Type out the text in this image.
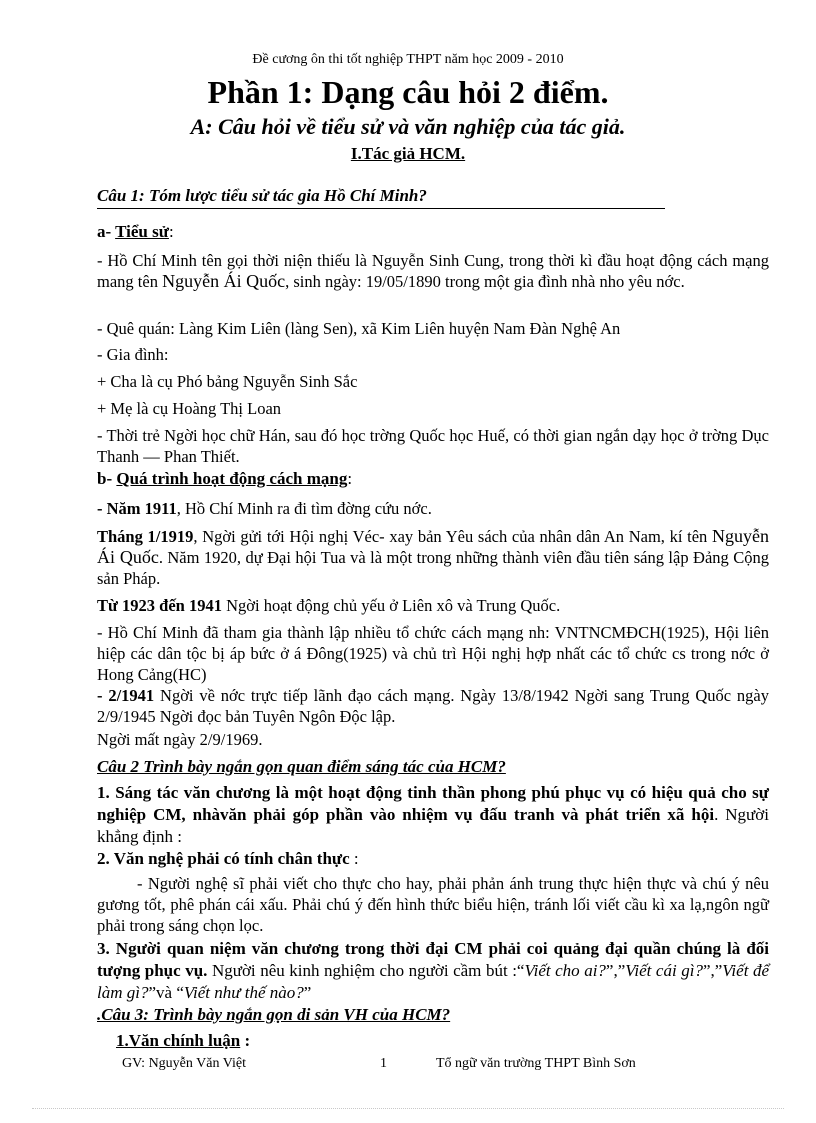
Đề cương ôn thi tốt nghiệp THPT năm học 2009 - 2010
Phần 1: Dạng câu hỏi 2 điểm.
A: Câu hỏi về tiểu sử và văn nghiệp của tác giả.
I.Tác giả HCM.
Câu 1: Tóm lược tiểu sử tác gia Hồ Chí Minh?
a- Tiểu sử:
- Hồ Chí Minh tên gọi thời niện thiếu là Nguyễn Sinh Cung, trong thời kì đầu hoạt động cách mạng mang tên Nguyễn Ái Quốc, sinh ngày: 19/05/1890 trong một gia đình nhà nho yêu nớc.
- Quê quán: Làng Kim Liên (làng Sen), xã Kim Liên huyện Nam Đàn Nghệ An
- Gia đình:
+ Cha là cụ Phó bảng Nguyễn Sinh Sắc
+ Mẹ là cụ Hoàng Thị Loan
- Thời trẻ Ngời học chữ Hán, sau đó học trờng Quốc học Huế, có thời gian ngắn dạy học ở trờng Dục Thanh — Phan Thiết.
b- Quá trình hoạt động cách mạng:
- Năm 1911, Hồ Chí Minh ra đi tìm đờng cứu nớc.
Tháng 1/1919, Ngời gửi tới Hội nghị Véc- xay bản Yêu sách của nhân dân An Nam, kí tên Nguyễn Ái Quốc. Năm 1920, dự Đại hội Tua và là một trong những thành viên đầu tiên sáng lập Đảng Cộng sản Pháp.
Từ 1923 đến 1941 Ngời hoạt động chủ yếu ở Liên xô và Trung Quốc.
- Hồ Chí Minh đã tham gia thành lập nhiều tổ chức cách mạng nh: VNTNCMĐCH(1925), Hội liên hiệp các dân tộc bị áp bức ở á Đông(1925) và chủ trì Hội nghị hợp nhất các tổ chức cs trong nớc ở Hong Cảng(HC)
- 2/1941 Ngời về nớc trực tiếp lãnh đạo cách mạng. Ngày 13/8/1942 Ngời sang Trung Quốc ngày 2/9/1945 Ngời đọc bản Tuyên Ngôn Độc lập.
Ngời mất ngày 2/9/1969.
Câu 2 Trình bày ngắn gọn quan điểm sáng tác của HCM?
1. Sáng tác văn chương là một hoạt động tinh thần phong phú phục vụ có hiệu quả cho sự nghiệp CM, nhàvăn phải góp phần vào nhiệm vụ đấu tranh và phát triển xã hội. Người khẳng định :
2. Văn nghệ phải có tính chân thực :
- Người nghệ sĩ phải viết cho thực cho hay, phải phản ánh trung thực hiện thực và chú ý nêu gương tốt, phê phán cái xấu. Phải chú ý đến hình thức biểu hiện, tránh lối viết cầu kì xa lạ,ngôn ngữ phải trong sáng chọn lọc.
3. Người quan niệm văn chương trong thời đại CM phải coi quảng đại quần chúng là đối tượng phục vụ. Người nêu kinh nghiệm cho người cầm bút :“Viết cho ai?”,”Viết cái gì?”,”Viết để làm gì?”và “Viết như thế nào?”
.Câu 3: Trình bày ngắn gọn di sản VH của HCM?
1.Văn chính luận :
GV: Nguyễn Văn Việt	1	Tổ ngữ văn trường THPT Bình Sơn
